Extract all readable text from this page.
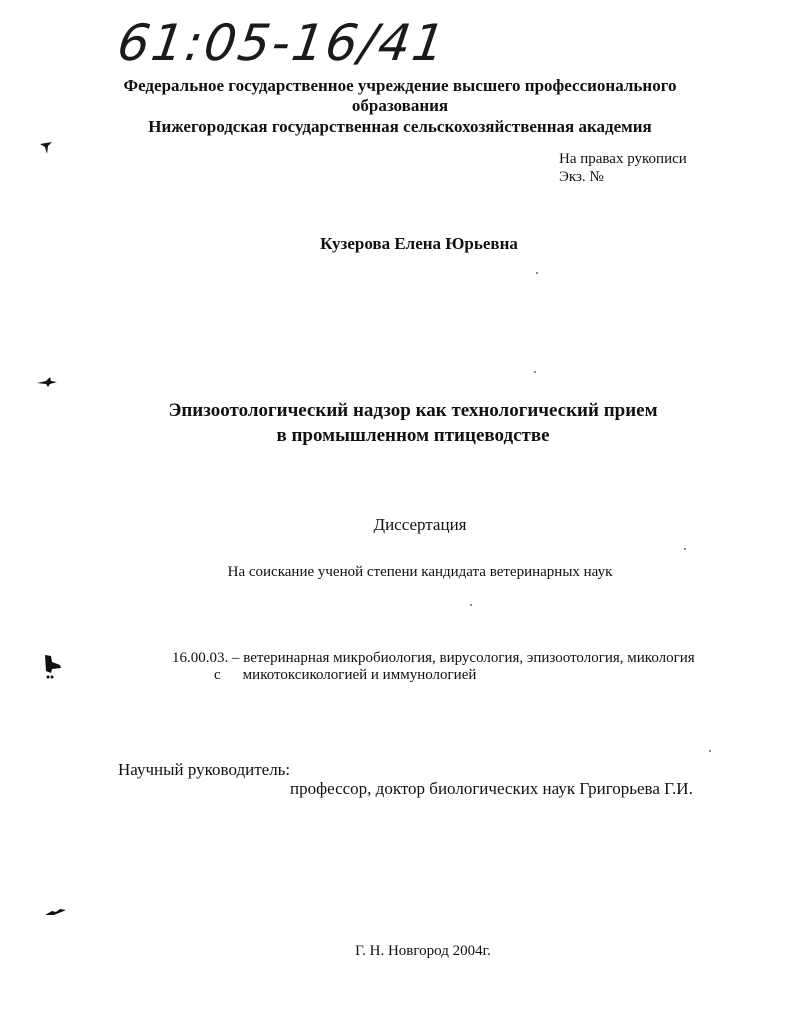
61:05-16/41
Федеральное государственное учреждение высшего профессионального
образования
Нижегородская государственная сельскохозяйственная академия
На правах рукописи
Экз. №
Кузерова Елена Юрьевна
Эпизоотологический надзор как технологический прием
в промышленном птицеводстве
Диссертация
На соискание ученой степени кандидата ветеринарных наук
16.00.03. – ветеринарная микробиология, вирусология, эпизоотология, микология
с микотоксикологией и иммунологией
Научный руководитель:
профессор, доктор биологических наук Григорьева Г.И.
Г. Н. Новгород 2004г.
